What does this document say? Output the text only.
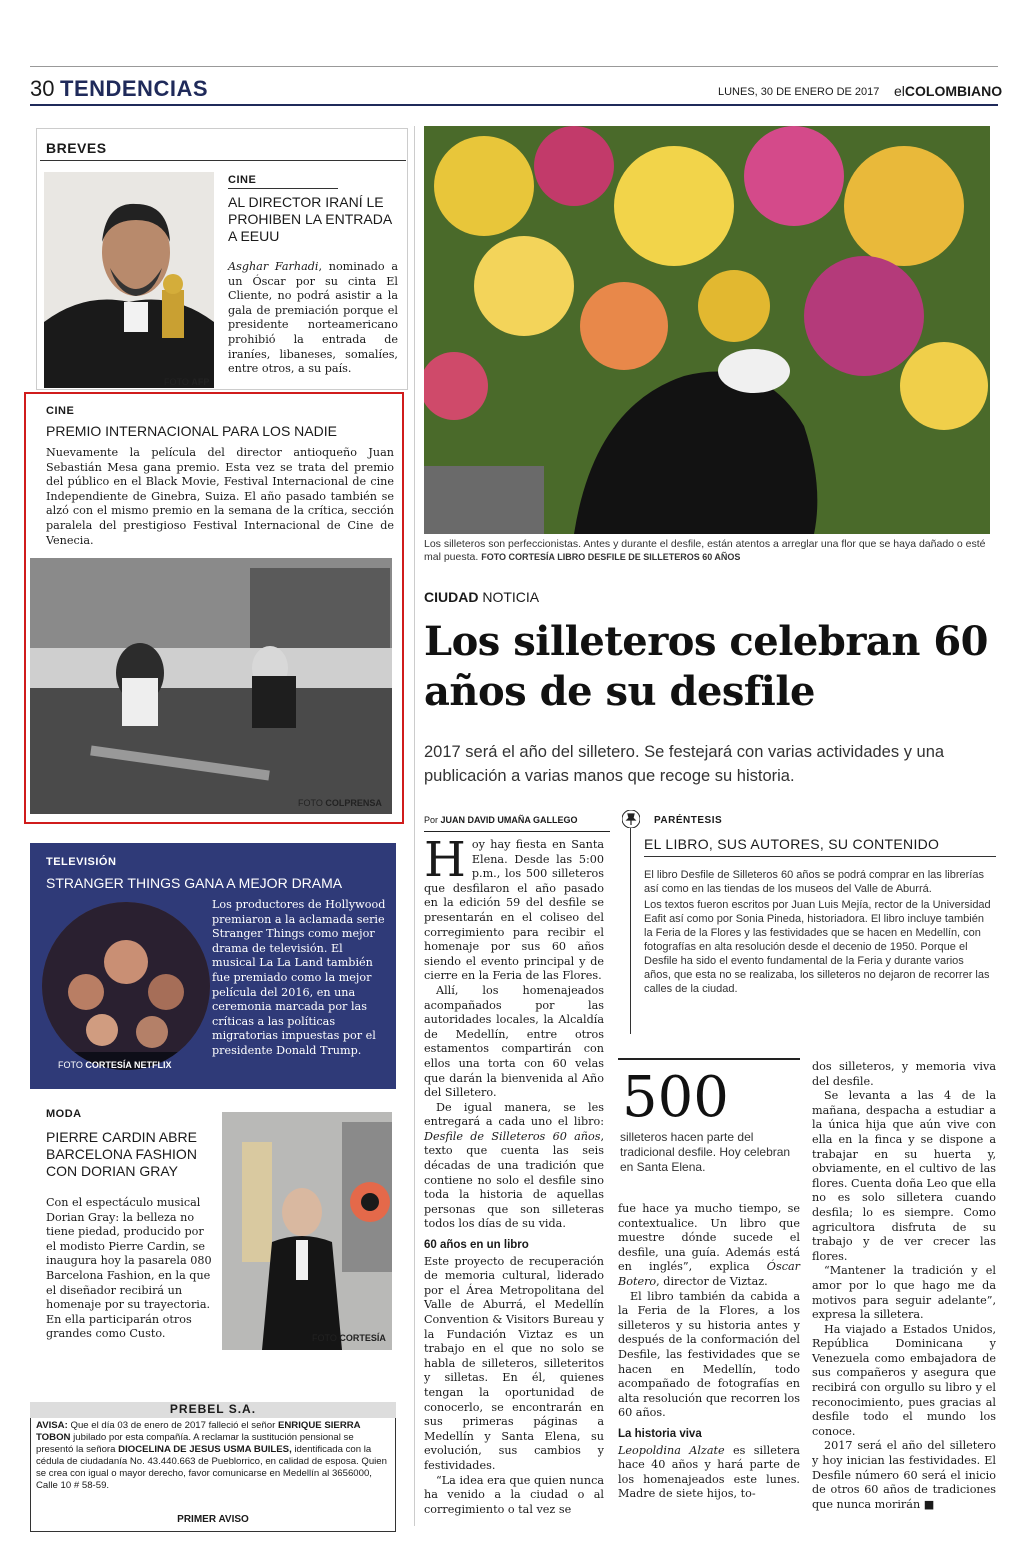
30 TENDENCIAS	LUNES, 30 DE ENERO DE 2017 elCOLOMBIANO
BREVES
FOTO AFP
CINE
AL DIRECTOR IRANÍ LE PROHIBEN LA ENTRADA A EEUU
Asghar Farhadi, nominado a un Óscar por su cinta El Cliente, no podrá asistir a la gala de premiación porque el presidente norteamericano prohibió la entrada de iraníes, libaneses, somalíes, entre otros, a su país.
CINE
PREMIO INTERNACIONAL PARA LOS NADIE
Nuevamente la película del director antioqueño Juan Sebastián Mesa gana premio. Esta vez se trata del premio del público en el Black Movie, Festival Internacional de cine Independiente de Ginebra, Suiza. El año pasado también se alzó con el mismo premio en la semana de la crítica, sección paralela del prestigioso Festival Internacional de Cine de Venecia.
FOTO COLPRENSA
TELEVISIÓN
STRANGER THINGS GANA A MEJOR DRAMA
FOTO CORTESÍA NETFLIX
Los productores de Hollywood premiaron a la aclamada serie Stranger Things como mejor drama de televisión. El musical La La Land también fue premiado como la mejor película del 2016, en una ceremonia marcada por las críticas a las políticas migratorias impuestas por el presidente Donald Trump.
MODA
PIERRE CARDIN ABRE BARCELONA FASHION CON DORIAN GRAY
Con el espectáculo musical Dorian Gray: la belleza no tiene piedad, producido por el modisto Pierre Cardin, se inaugura hoy la pasarela 080 Barcelona Fashion, en la que el diseñador recibirá un homenaje por su trayectoria. En ella participarán otros grandes como Custo.	FOTO CORTESÍA
PREBEL S.A.
AVISA: Que el día 03 de enero de 2017 falleció el señor ENRIQUE SIERRA TOBON jubilado por esta compañía. A reclamar la sustitución pensional se presentó la señora DIOCELINA DE JESUS USMA BUILES, identificada con la cédula de ciudadanía No. 43.440.663 de Pueblorrico, en calidad de esposa. Quien se crea con igual o mayor derecho, favor comunicarse en Medellín al 3656000, Calle 10 # 58-59.
PRIMER AVISO
Los silleteros son perfeccionistas. Antes y durante el desfile, están atentos a arreglar una flor que se haya dañado o esté mal puesta. FOTO CORTESÍA LIBRO DESFILE DE SILLETEROS 60 AÑOS
CIUDAD NOTICIA
Los silleteros celebran 60 años de su desfile
2017 será el año del silletero. Se festejará con varias actividades y una publicación a varias manos que recoge su historia.
Por JUAN DAVID UMAÑA GALLEGO
H oy hay fiesta en Santa Elena. Desde las 5:00 p.m., los 500 silleteros que desfilaron el año pasado en la edición 59 del desfile se presentarán en el coliseo del corregimiento para recibir el homenaje por sus 60 años siendo el evento principal y de cierre en la Feria de las Flores.

Allí, los homenajeados acompañados por las autoridades locales, la Alcaldía de Medellín, entre otros estamentos compartirán con ellos una torta con 60 velas que darán la bienvenida al Año del Silletero.

De igual manera, se les entregará a cada uno el libro: Desfile de Silleteros 60 años, texto que cuenta las seis décadas de una tradición que contiene no solo el desfile sino toda la historia de aquellas personas que son silleteras todos los días de su vida.

60 años en un libro
Este proyecto de recuperación de memoria cultural, liderado por el Área Metropolitana del Valle de Aburrá, el Medellín Convention & Visitors Bureau y la Fundación Viztaz es un trabajo en el que no solo se habla de silleteros, silleteritos y silletas. En él, quienes tengan la oportunidad de conocerlo, se encontrarán en sus primeras páginas a Medellín y Santa Elena, su evolución, sus cambios y festividades.

“La idea era que quien nunca ha venido a la ciudad o al corregimiento o tal vez se

PARÉNTESIS
EL LIBRO, SUS AUTORES, SU CONTENIDO

El libro Desfile de Silleteros 60 años se podrá comprar en las librerías así como en las tiendas de los museos del Valle de Aburrá.

Los textos fueron escritos por Juan Luis Mejía, rector de la Universidad Eafit así como por Sonia Pineda, historiadora. El libro incluye también la Feria de la Flores y las festividades que se hacen en Medellín, con fotografías en alta resolución desde el decenio de 1950. Porque el Desfile ha sido el evento fundamental de la Feria y durante varios años, que esta no se realizaba, los silleteros no dejaron de recorrer las calles de la ciudad.

500
silleteros hacen parte del tradicional desfile. Hoy celebran en Santa Elena.
fue hace ya mucho tiempo, se contextualice. Un libro que muestre dónde sucede el desfile, una guía. Además está en inglés”, explica Óscar Botero, director de Viztaz.

El libro también da cabida a la Feria de la Flores, a los silleteros y su historia antes y después de la conformación del Desfile, las festividades que se hacen en Medellín, todo acompañado de fotografías en alta resolución que recorren los 60 años.

La historia viva
Leopoldina Alzate es silletera hace 40 años y hará parte de los homenajeados este lunes. Madre de siete hijos, to-
dos silleteros, y memoria viva del desfile.

Se levanta a las 4 de la mañana, despacha a estudiar a la única hija que aún vive con ella en la finca y se dispone a trabajar en su huerta y, obviamente, en el cultivo de las flores. Cuenta doña Leo que ella no es solo silletera cuando desfila; lo es siempre. Como agricultora disfruta de su trabajo y de ver crecer las flores.

“Mantener la tradición y el amor por lo que hago me da motivos para seguir adelante”, expresa la silletera.

Ha viajado a Estados Unidos, República Dominicana y Venezuela como embajadora de sus compañeros y asegura que recibirá con orgullo su libro y el reconocimiento, pues gracias al desfile todo el mundo los conoce.

2017 será el año del silletero y hoy inician las festividades. El Desfile número 60 será el inicio de otros 60 años de tradiciones que nunca morirán ■
